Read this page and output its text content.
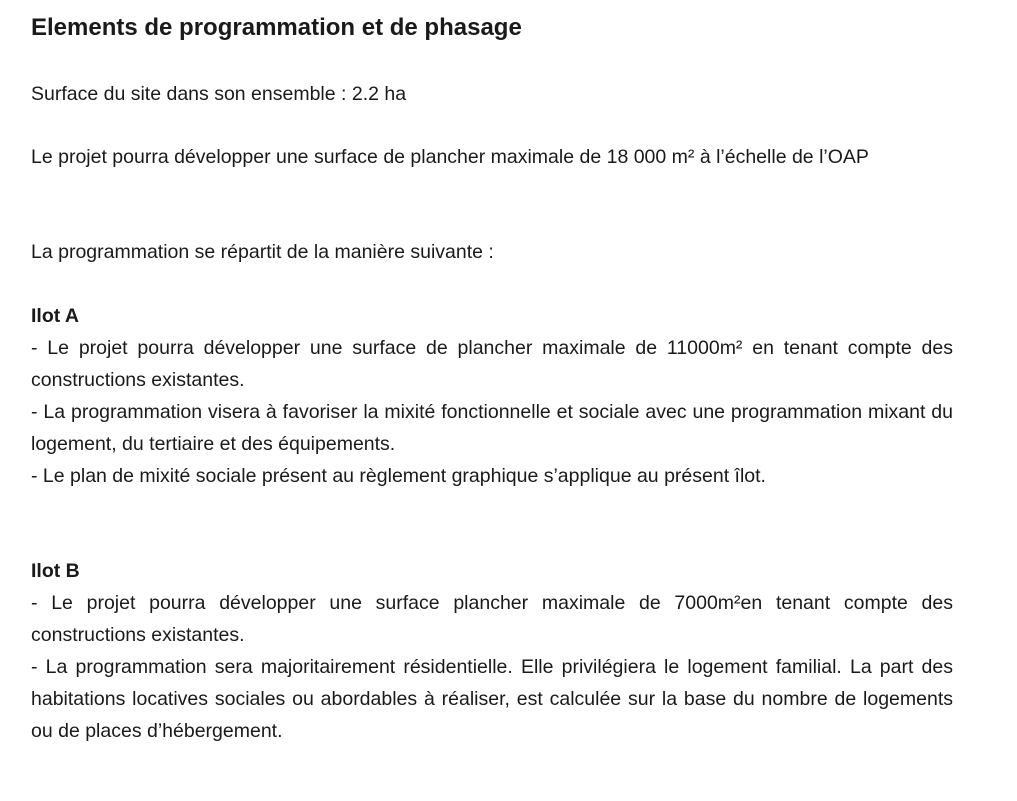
Elements de programmation et de phasage

Surface du site dans son ensemble : 2.2 ha

Le projet pourra développer une surface de plancher maximale de 18 000 m² à l’échelle de l’OAP

La programmation se répartit de la manière suivante :

Ilot A

- Le projet pourra développer une surface de plancher maximale de 11000m² en tenant compte des constructions existantes.

- La programmation visera à favoriser la mixité fonctionnelle et sociale avec une programmation mixant du logement, du tertiaire et des équipements.

- Le plan de mixité sociale présent au règlement graphique s’applique au présent îlot.

Ilot B

- Le projet pourra développer une surface plancher maximale de 7000m²en tenant compte des constructions existantes.

- La programmation sera majoritairement résidentielle. Elle privilégiera le logement familial. La part des habitations locatives sociales ou abordables à réaliser, est calculée sur la base du nombre de logements ou de places d’hébergement.
